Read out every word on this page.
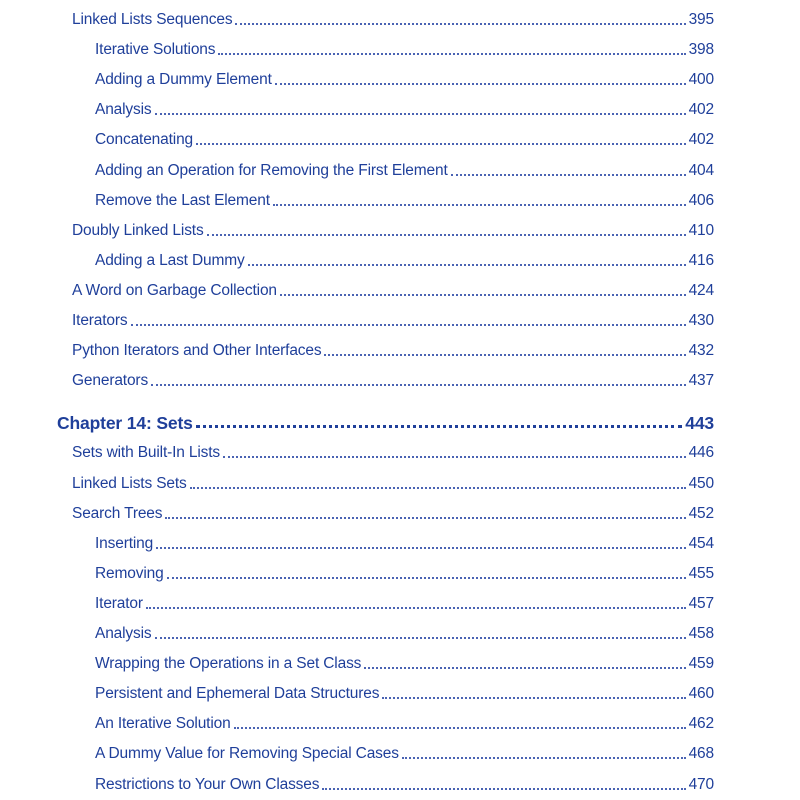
Linked Lists Sequences	395
Iterative Solutions	398
Adding a Dummy Element	400
Analysis	402
Concatenating	402
Adding an Operation for Removing the First Element	404
Remove the Last Element	406
Doubly Linked Lists	410
Adding a Last Dummy	416
A Word on Garbage Collection	424
Iterators	430
Python Iterators and Other Interfaces	432
Generators	437
Chapter 14: Sets	443
Sets with Built-In Lists	446
Linked Lists Sets	450
Search Trees	452
Inserting	454
Removing	455
Iterator	457
Analysis	458
Wrapping the Operations in a Set Class	459
Persistent and Ephemeral Data Structures	460
An Iterative Solution	462
A Dummy Value for Removing Special Cases	468
Restrictions to Your Own Classes	470
